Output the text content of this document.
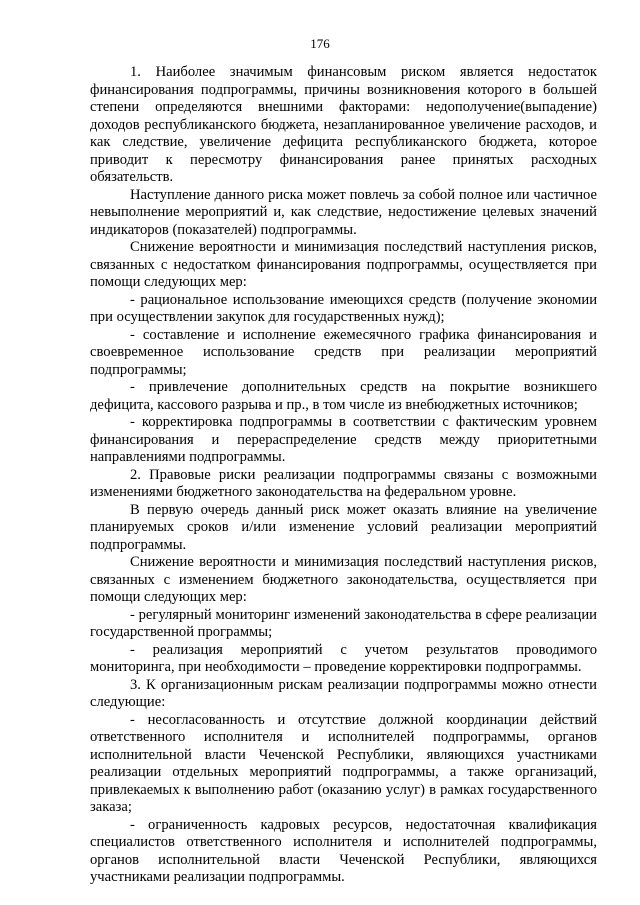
176

1. Наиболее значимым финансовым риском является недостаток финансирования подпрограммы, причины возникновения которого в большей степени определяются внешними факторами: недополучение(выпадение) доходов республиканского бюджета, незапланированное увеличение расходов, и как следствие, увеличение дефицита республиканского бюджета, которое приводит к пересмотру финансирования ранее принятых расходных обязательств.

Наступление данного риска может повлечь за собой полное или частичное невыполнение мероприятий и, как следствие, недостижение целевых значений индикаторов (показателей) подпрограммы.

Снижение вероятности и минимизация последствий наступления рисков, связанных с недостатком финансирования подпрограммы, осуществляется при помощи следующих мер:

- рациональное использование имеющихся средств (получение экономии при осуществлении закупок для государственных нужд);

- составление и исполнение ежемесячного графика финансирования и своевременное использование средств при реализации мероприятий подпрограммы;

- привлечение дополнительных средств на покрытие возникшего дефицита, кассового разрыва и пр., в том числе из внебюджетных источников;

- корректировка подпрограммы в соответствии с фактическим уровнем финансирования и перераспределение средств между приоритетными направлениями подпрограммы.

2. Правовые риски реализации подпрограммы связаны с возможными изменениями бюджетного законодательства на федеральном уровне.

В первую очередь данный риск может оказать влияние на увеличение планируемых сроков и/или изменение условий реализации мероприятий подпрограммы.

Снижение вероятности и минимизация последствий наступления рисков, связанных с изменением бюджетного законодательства, осуществляется при помощи следующих мер:

- регулярный мониторинг изменений законодательства в сфере реализации государственной программы;

- реализация мероприятий с учетом результатов проводимого мониторинга, при необходимости – проведение корректировки подпрограммы.

3. К организационным рискам реализации подпрограммы можно отнести следующие:

- несогласованность и отсутствие должной координации действий ответственного исполнителя и исполнителей подпрограммы, органов исполнительной власти Чеченской Республики, являющихся участниками реализации отдельных мероприятий подпрограммы, а также организаций, привлекаемых к выполнению работ (оказанию услуг) в рамках государственного заказа;

- ограниченность кадровых ресурсов, недостаточная квалификация специалистов ответственного исполнителя и исполнителей подпрограммы, органов исполнительной власти Чеченской Республики, являющихся участниками реализации подпрограммы.
